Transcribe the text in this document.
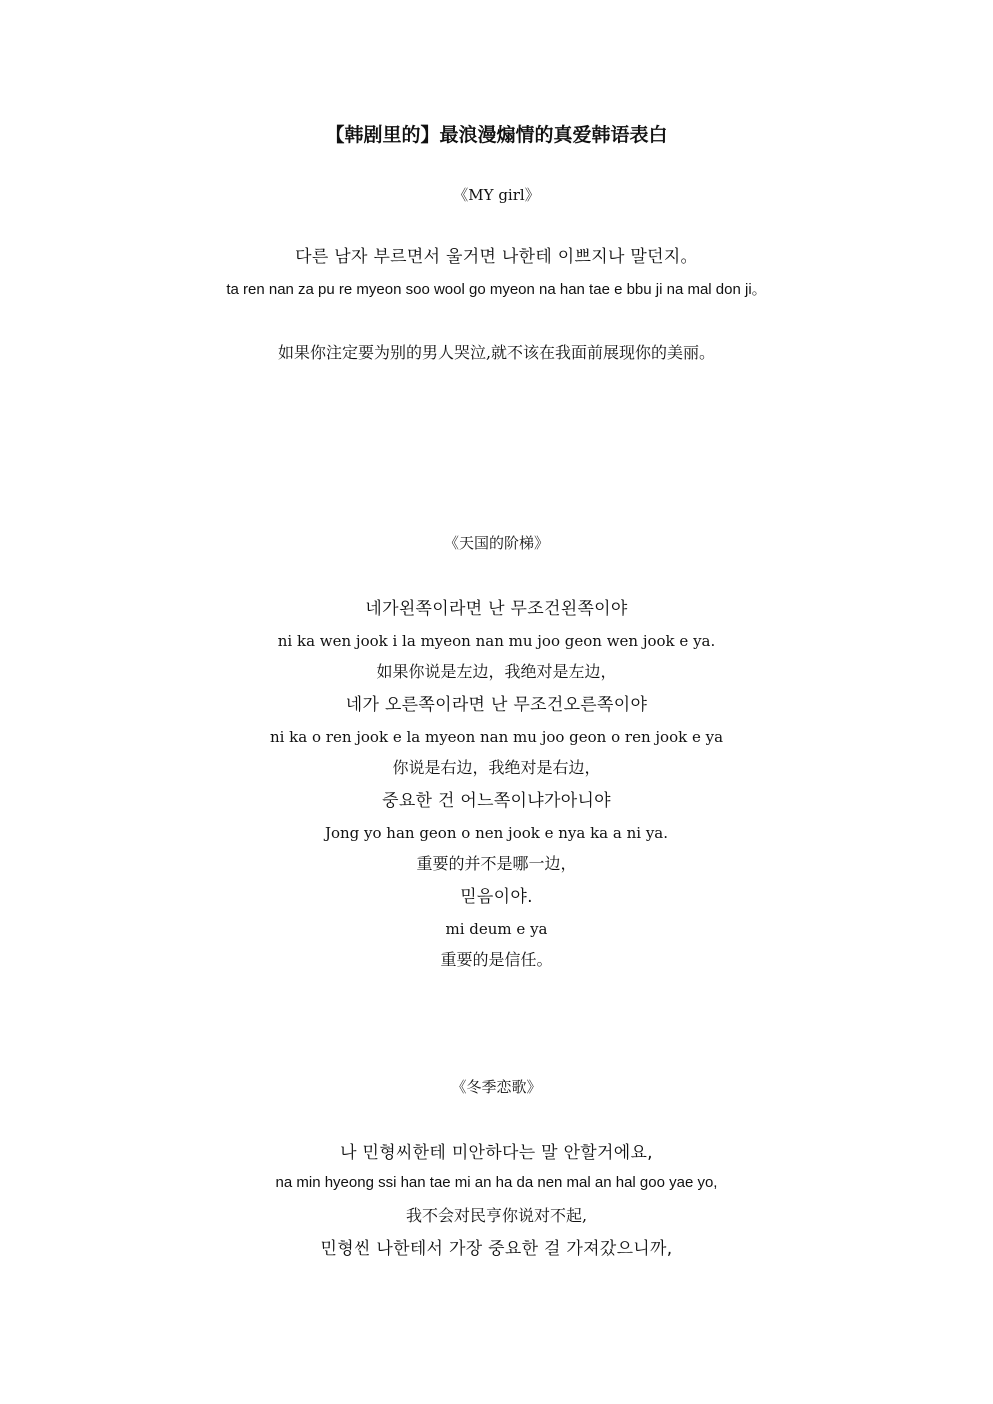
【韩剧里的】最浪漫煽情的真爱韩语表白
《MY girl》
다른 남자 부르면서 울거면 나한테 이쁘지나 말던지。
ta ren nan za pu re myeon soo wool go myeon na han tae e bbu ji na mal don ji。
如果你注定要为别的男人哭泣,就不该在我面前展现你的美丽。
《天国的阶梯》
네가왼쪽이라면 난 무조건왼쪽이야
ni ka wen jook i la myeon nan mu joo geon wen jook e ya.
如果你说是左边，我绝对是左边，
네가 오른쪽이라면 난 무조건오른쪽이야
ni ka o ren jook e la myeon nan mu joo geon o ren jook e ya
你说是右边，我绝对是右边，
중요한 건 어느쪽이냐가아니야
Jong yo han geon o nen jook e nya ka a ni ya.
重要的并不是哪一边，
믿음이야.
mi deum e ya
重要的是信任。
《冬季恋歌》
나 민형씨한테 미안하다는 말 안할거에요,
na min hyeong ssi han tae mi an ha da nen mal an hal goo yae yo,
我不会对民亨你说对不起,
민형씬 나한테서 가장 중요한 걸 가져갔으니까,
